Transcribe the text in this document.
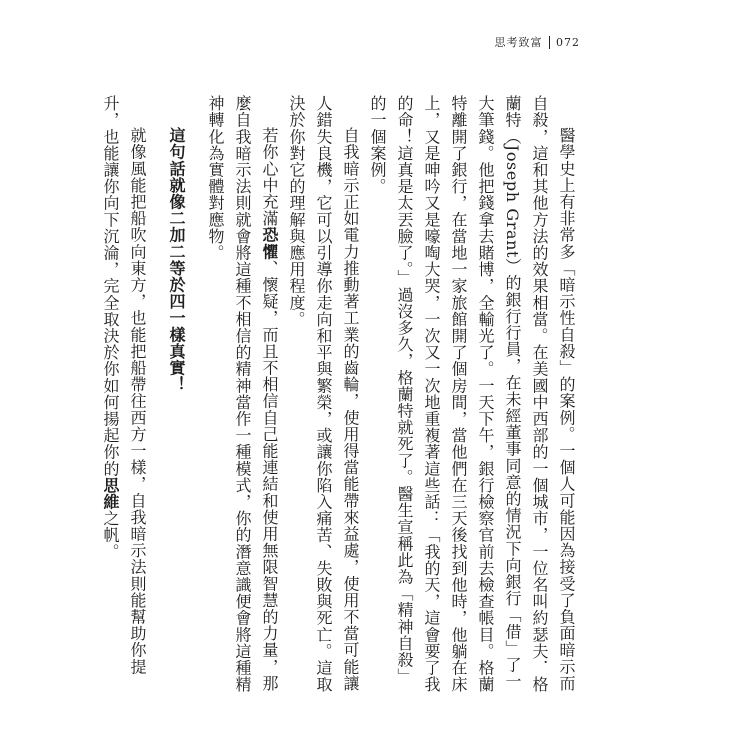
思考致富 072

醫學史上有非常多「暗示性自殺」的案例。一個人可能因為接受了負面暗示而自殺，這和其他方法的效果相當。在美國中西部的一個城市，一位名叫約瑟夫．格蘭特（Joseph Grant）的銀行行員，在未經董事同意的情況下向銀行「借」了一大筆錢。他把錢拿去賭博，全輸光了。一天下午，銀行檢察官前去檢查帳目。格蘭特離開了銀行，在當地一家旅館開了個房間，當他們在三天後找到他時，他躺在床上，又是呻吟又是嚎啕大哭，一次又一次地重複著這些話：「我的天，這會要了我的命！這真是太丟臉了。」過沒多久，格蘭特就死了。醫生宣稱此為「精神自殺」的一個案例。

自我暗示正如電力推動著工業的齒輪，使用得當能帶來益處，使用不當可能讓人錯失良機，它可以引導你走向和平與繁榮，或讓你陷入痛苦、失敗與死亡。這取決於你對它的理解與應用程度。

若你心中充滿恐懼、懷疑，而且不相信自己能連結和使用無限智慧的力量，那麼自我暗示法則就會將這種不相信的精神當作一種模式，你的潛意識便會將這種精神轉化為實體對應物。

這句話就像二加二等於四一樣真實！

就像風能把船吹向東方，也能把船帶往西方一樣，自我暗示法則能幫助你提升，也能讓你向下沉淪，完全取決於你如何揚起你的思維之帆。
